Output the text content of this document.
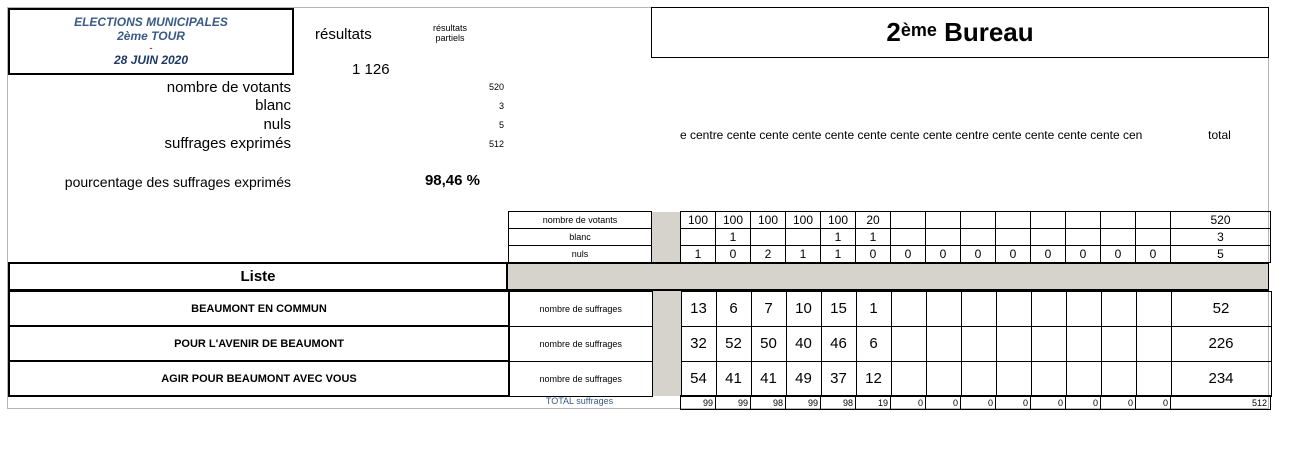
ELECTIONS MUNICIPALES
2ème TOUR
-
28 JUIN 2020
résultats	résultats partiels
1 126
2ème Bureau
nombre de votants	520
blanc	3
nuls	5
suffrages exprimés	512
pourcentage des suffrages exprimés	98,46 %
e centre cente cente cente cente cente cente cente centre cente cente cente cente cen	total
nombre de votants		100	100	100	100	100	20									520
blanc			1			1	1									3
nuls		1	0	2	1	1	0	0	0	0	0	0	0	0	0	5
Liste
BEAUMONT EN COMMUN	nombre de suffrages		13	6	7	10	15	1									52
POUR L'AVENIR DE BEAUMONT	nombre de suffrages		32	52	50	40	46	6									226
AGIR POUR BEAUMONT AVEC VOUS	nombre de suffrages		54	41	41	49	37	12									234
TOTAL suffrages	99	99	98	99	98	19	0	0	0	0	0	0	0	0	512
